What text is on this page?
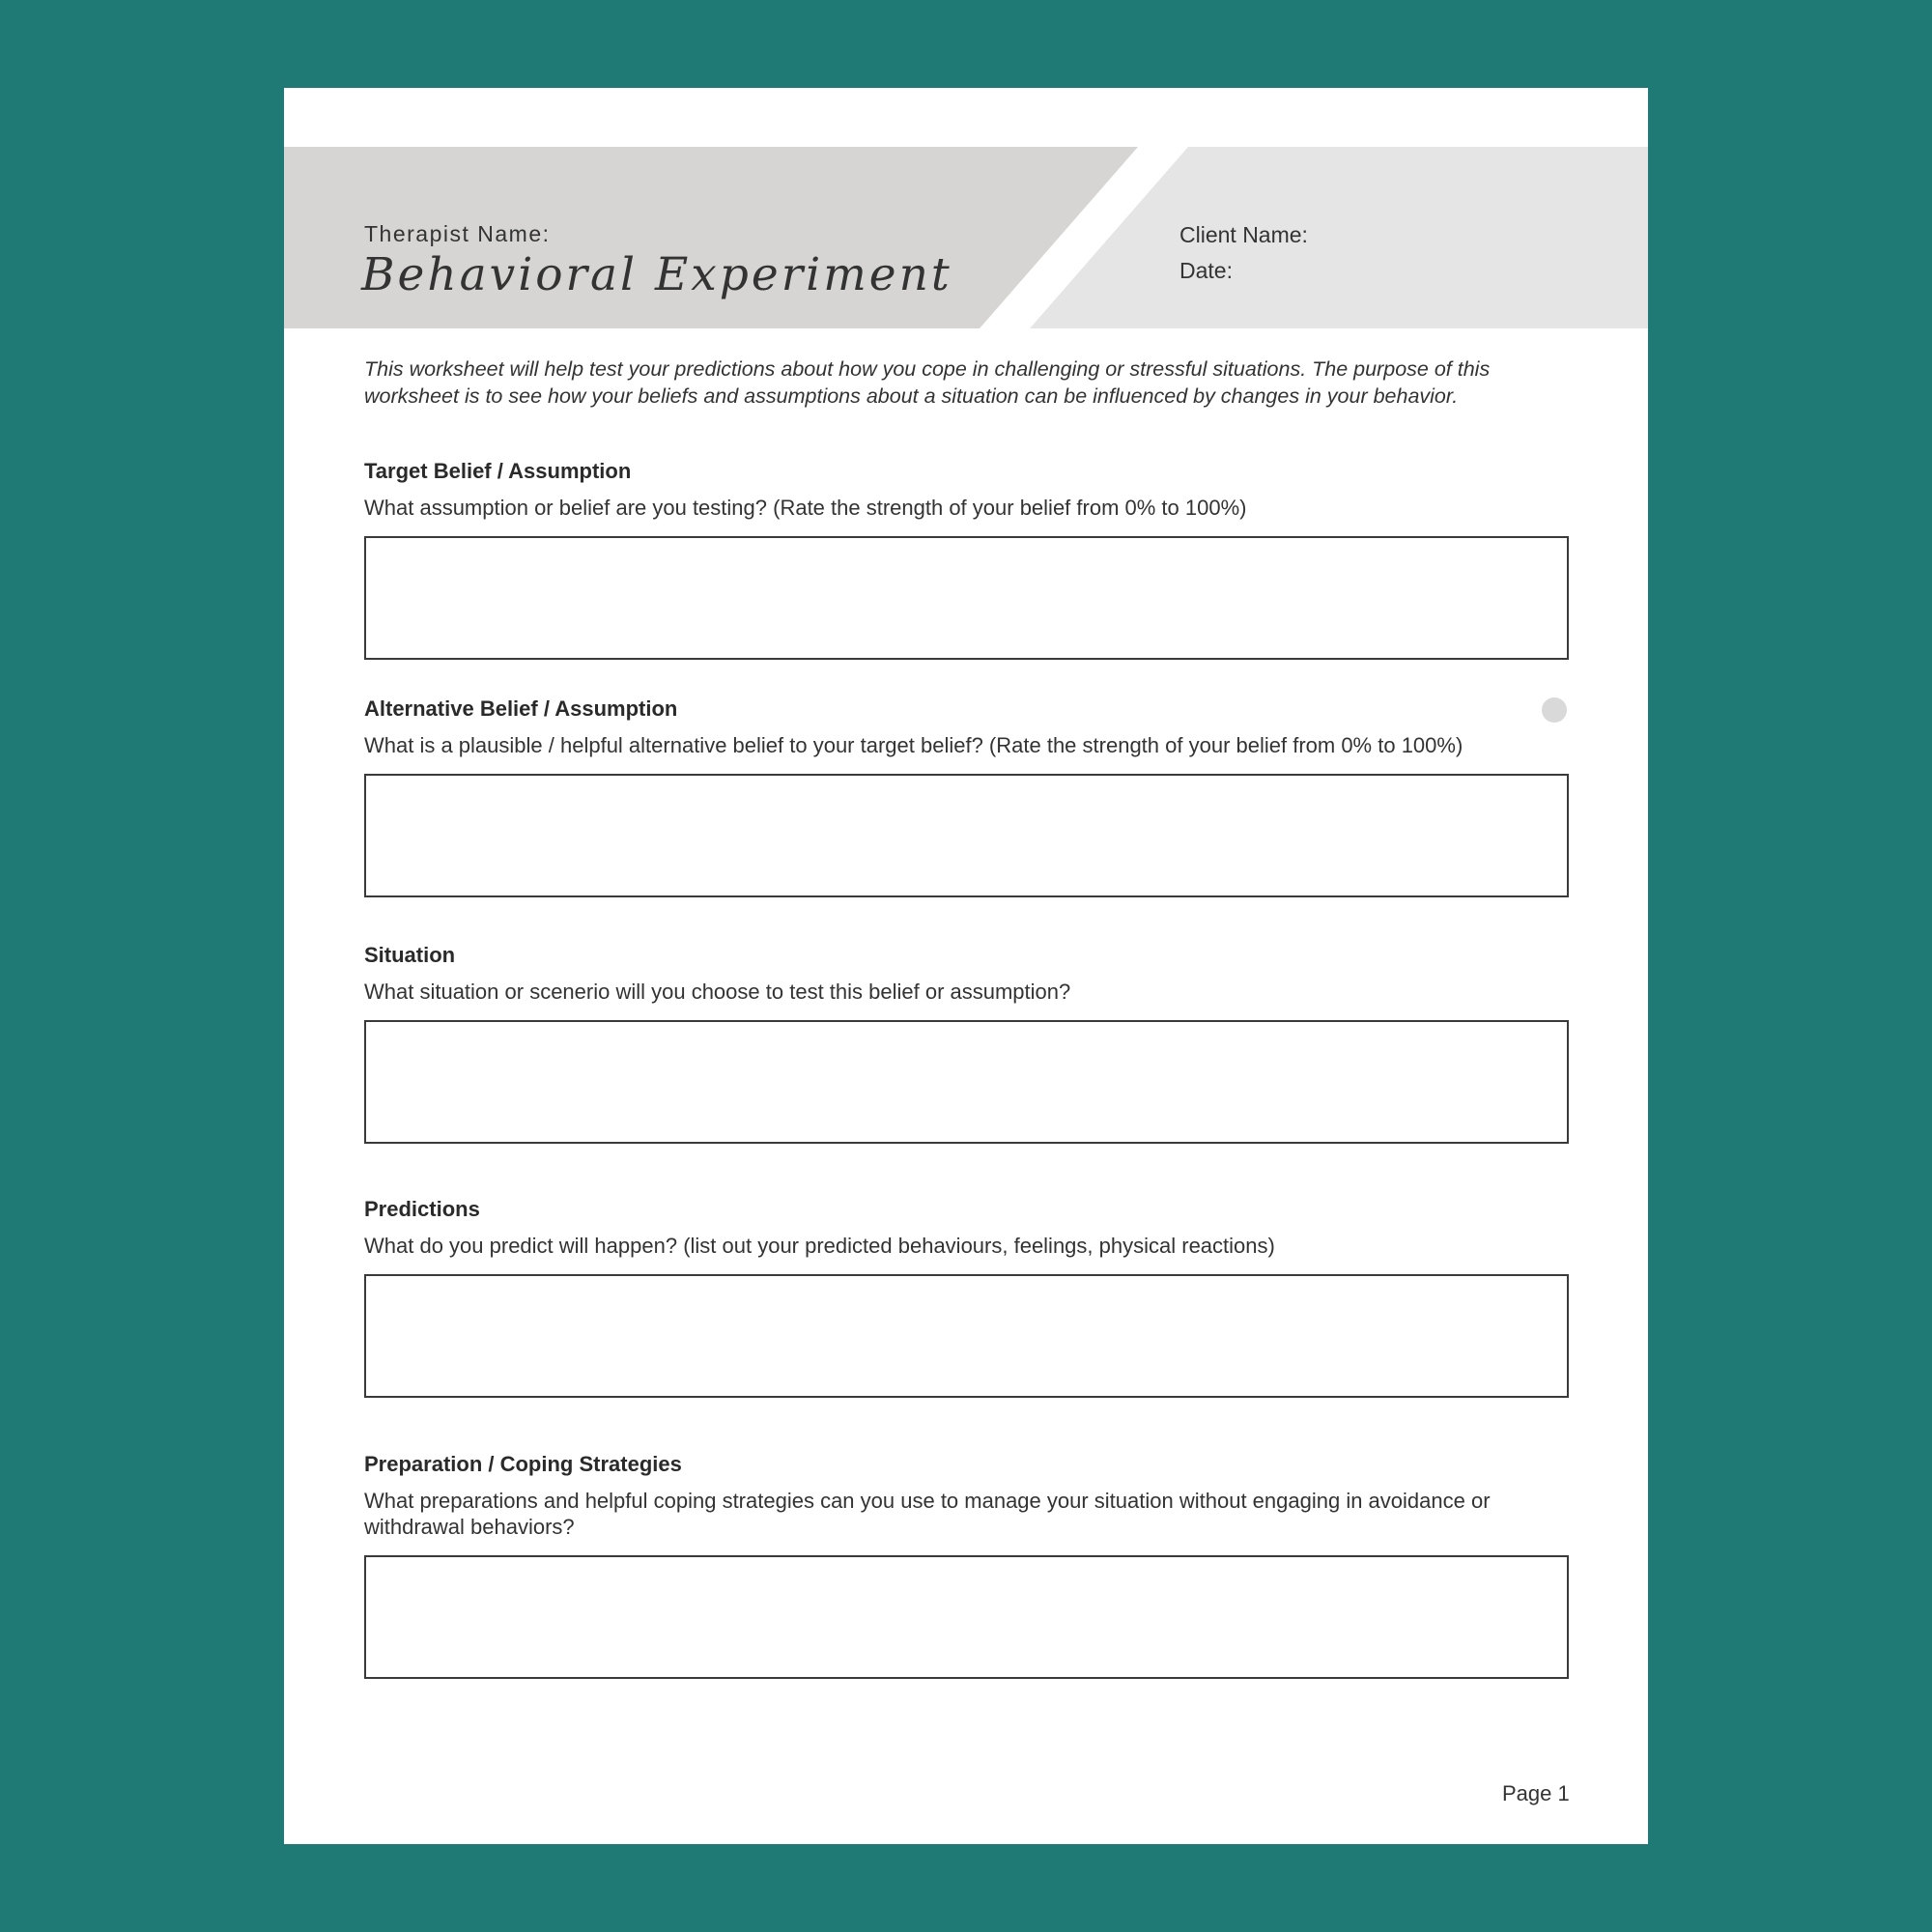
Therapist Name:
Behavioral Experiment
Client Name:
Date:
This worksheet will help test your predictions about how you cope in challenging or stressful situations. The purpose of this worksheet is to see how your beliefs and assumptions about a situation can be influenced by changes in your behavior.
Target Belief / Assumption
What assumption or belief are you testing? (Rate the strength of your belief from 0% to 100%)
Alternative Belief / Assumption
What is a plausible / helpful alternative belief to your target belief? (Rate the strength of your belief from 0% to 100%)
Situation
What situation or scenerio will you choose to test this belief or assumption?
Predictions
What do you predict will happen? (list out your predicted behaviours, feelings, physical reactions)
Preparation / Coping Strategies
What preparations and helpful coping strategies can you use to manage your situation without engaging in avoidance or withdrawal behaviors?
Page 1
